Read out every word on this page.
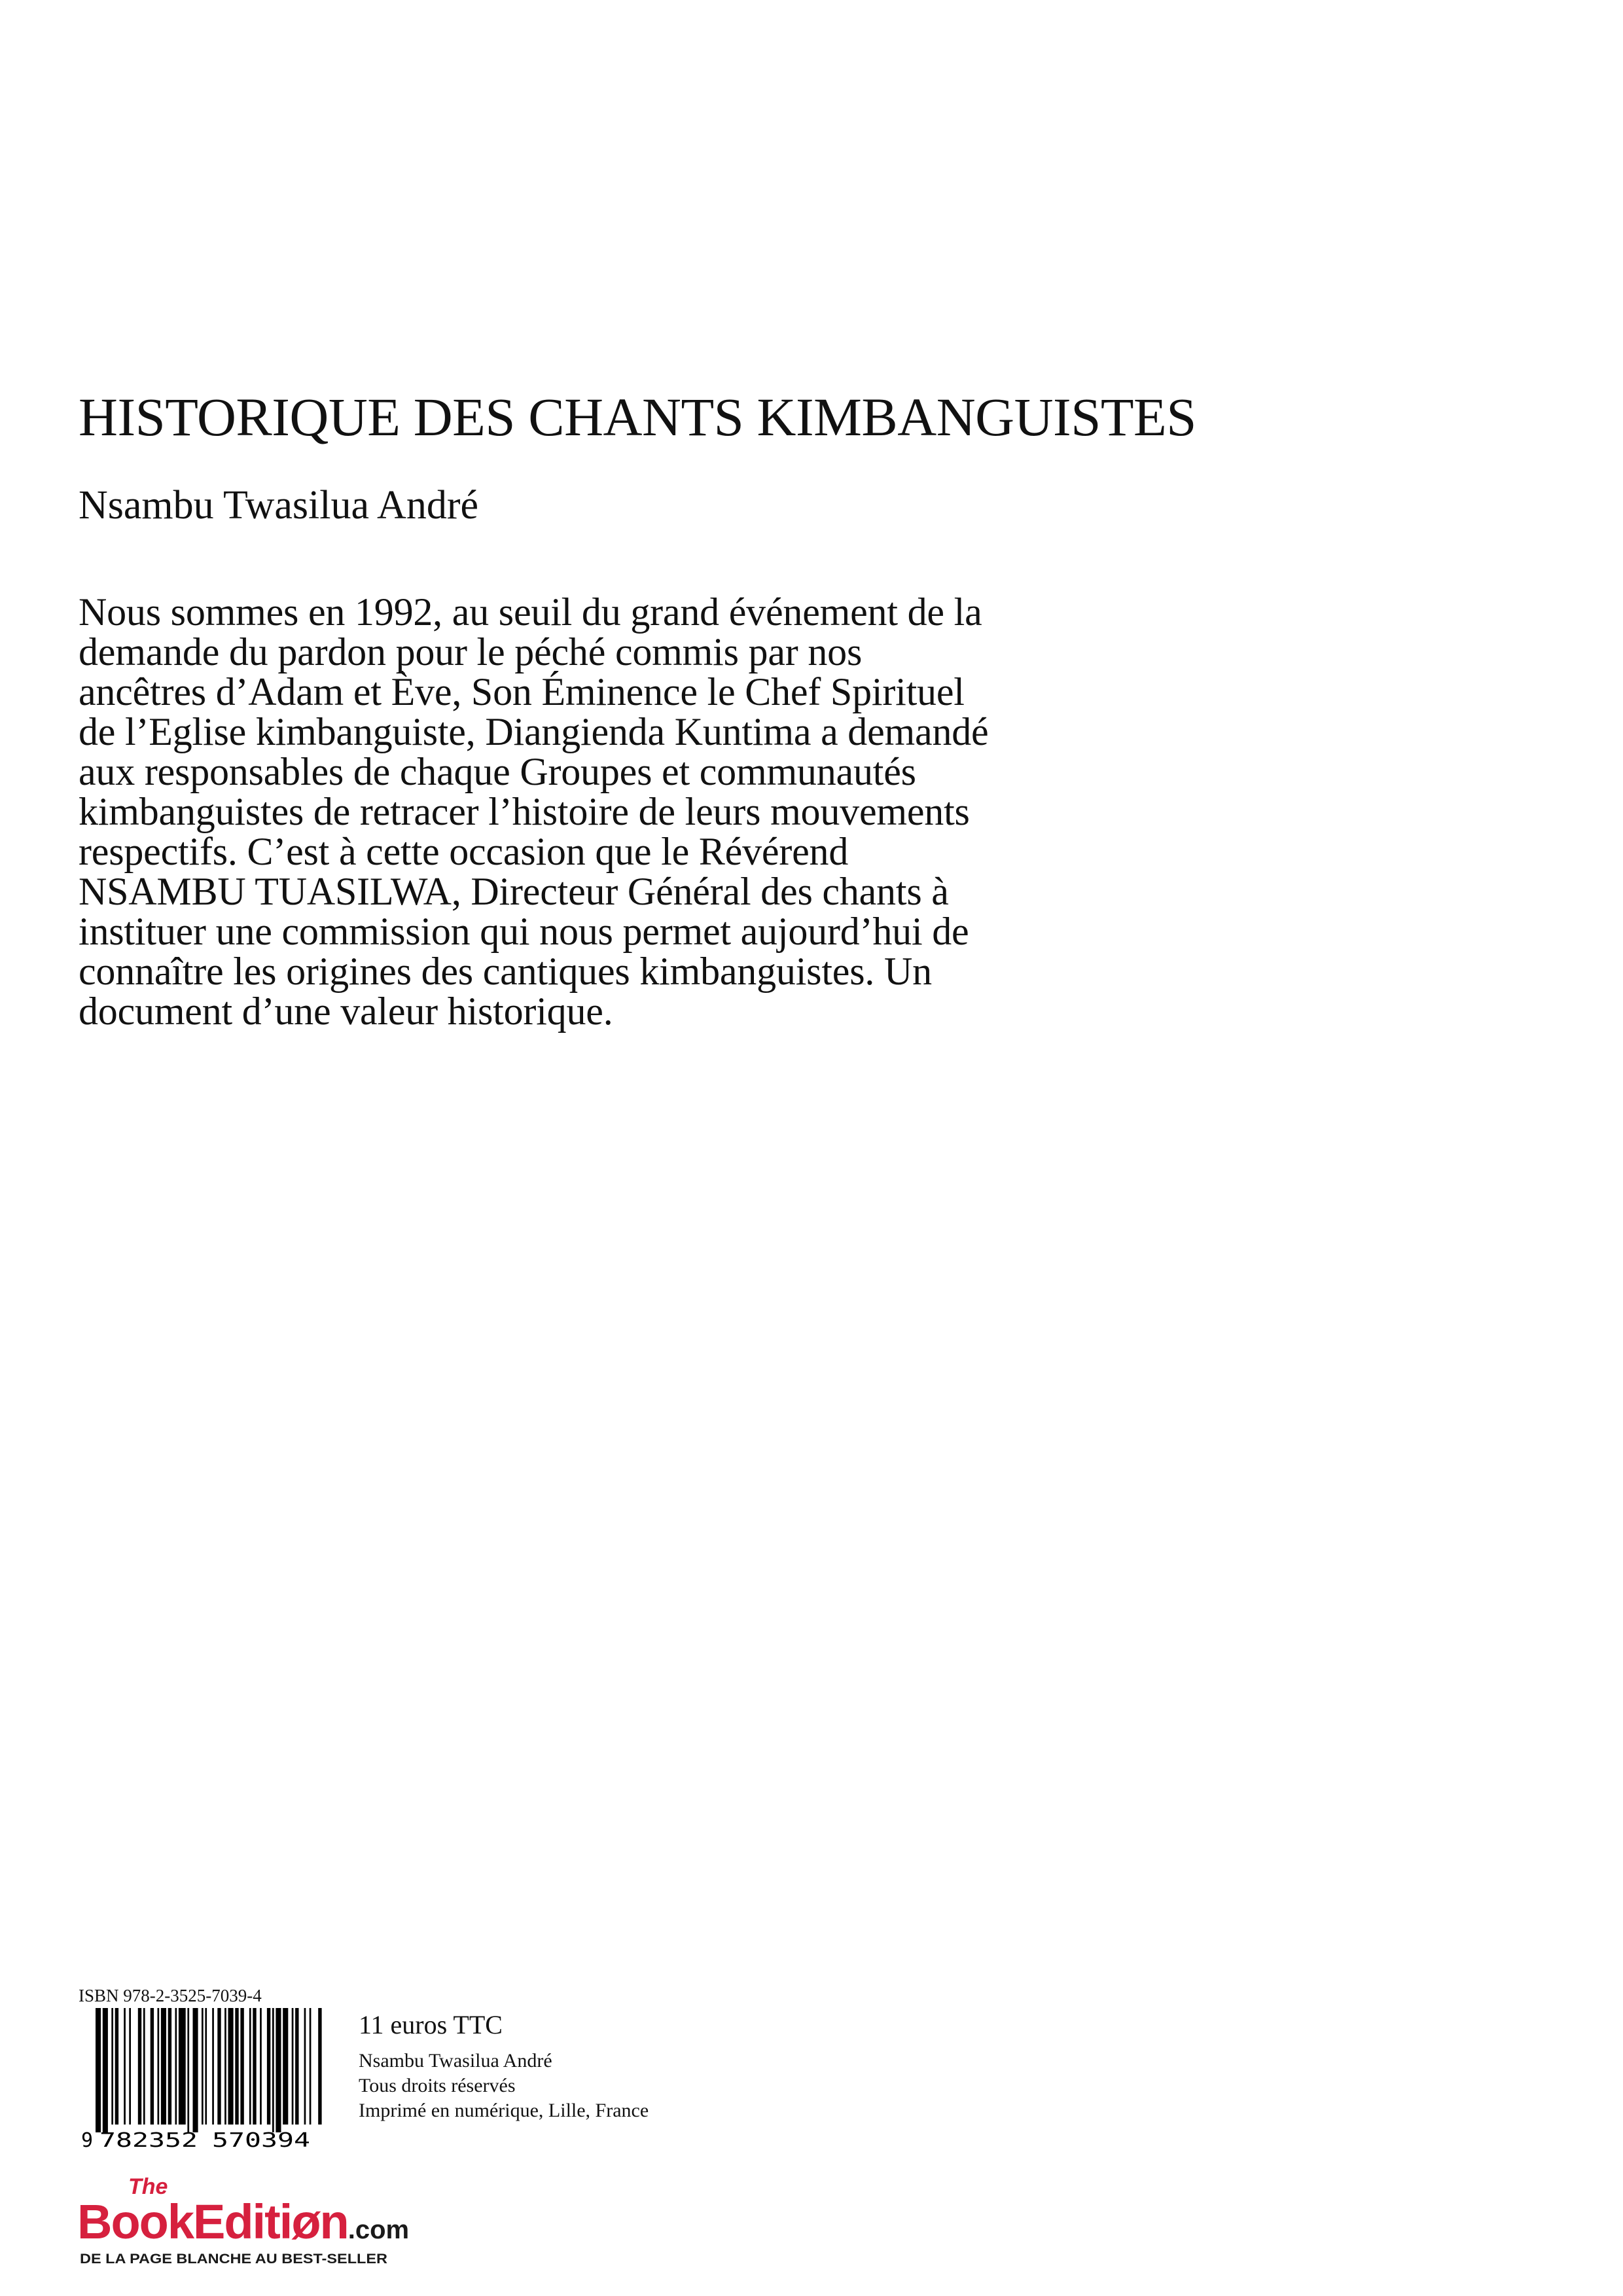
HISTORIQUE DES CHANTS KIMBANGUISTES
Nsambu Twasilua André
Nous sommes en 1992, au seuil du grand événement de la
demande du pardon pour le péché commis par nos
ancêtres d’Adam et Ève, Son Éminence le Chef Spirituel
de l’Eglise kimbanguiste, Diangienda Kuntima a demandé
aux responsables de chaque Groupes et communautés
kimbanguistes de retracer l’histoire de leurs mouvements
respectifs. C’est à cette occasion que le Révérend
NSAMBU TUASILWA, Directeur Général des chants à
instituer une commission qui nous permet aujourd’hui de
connaître les origines des cantiques kimbanguistes. Un
document d’une valeur historique.
ISBN 978-2-3525-7039-4
9 782352 570394
11 euros TTC
Nsambu Twasilua André
Tous droits réservés
Imprimé en numérique, Lille, France
The
BookEditiøn.com
DE LA PAGE BLANCHE AU BEST-SELLER
